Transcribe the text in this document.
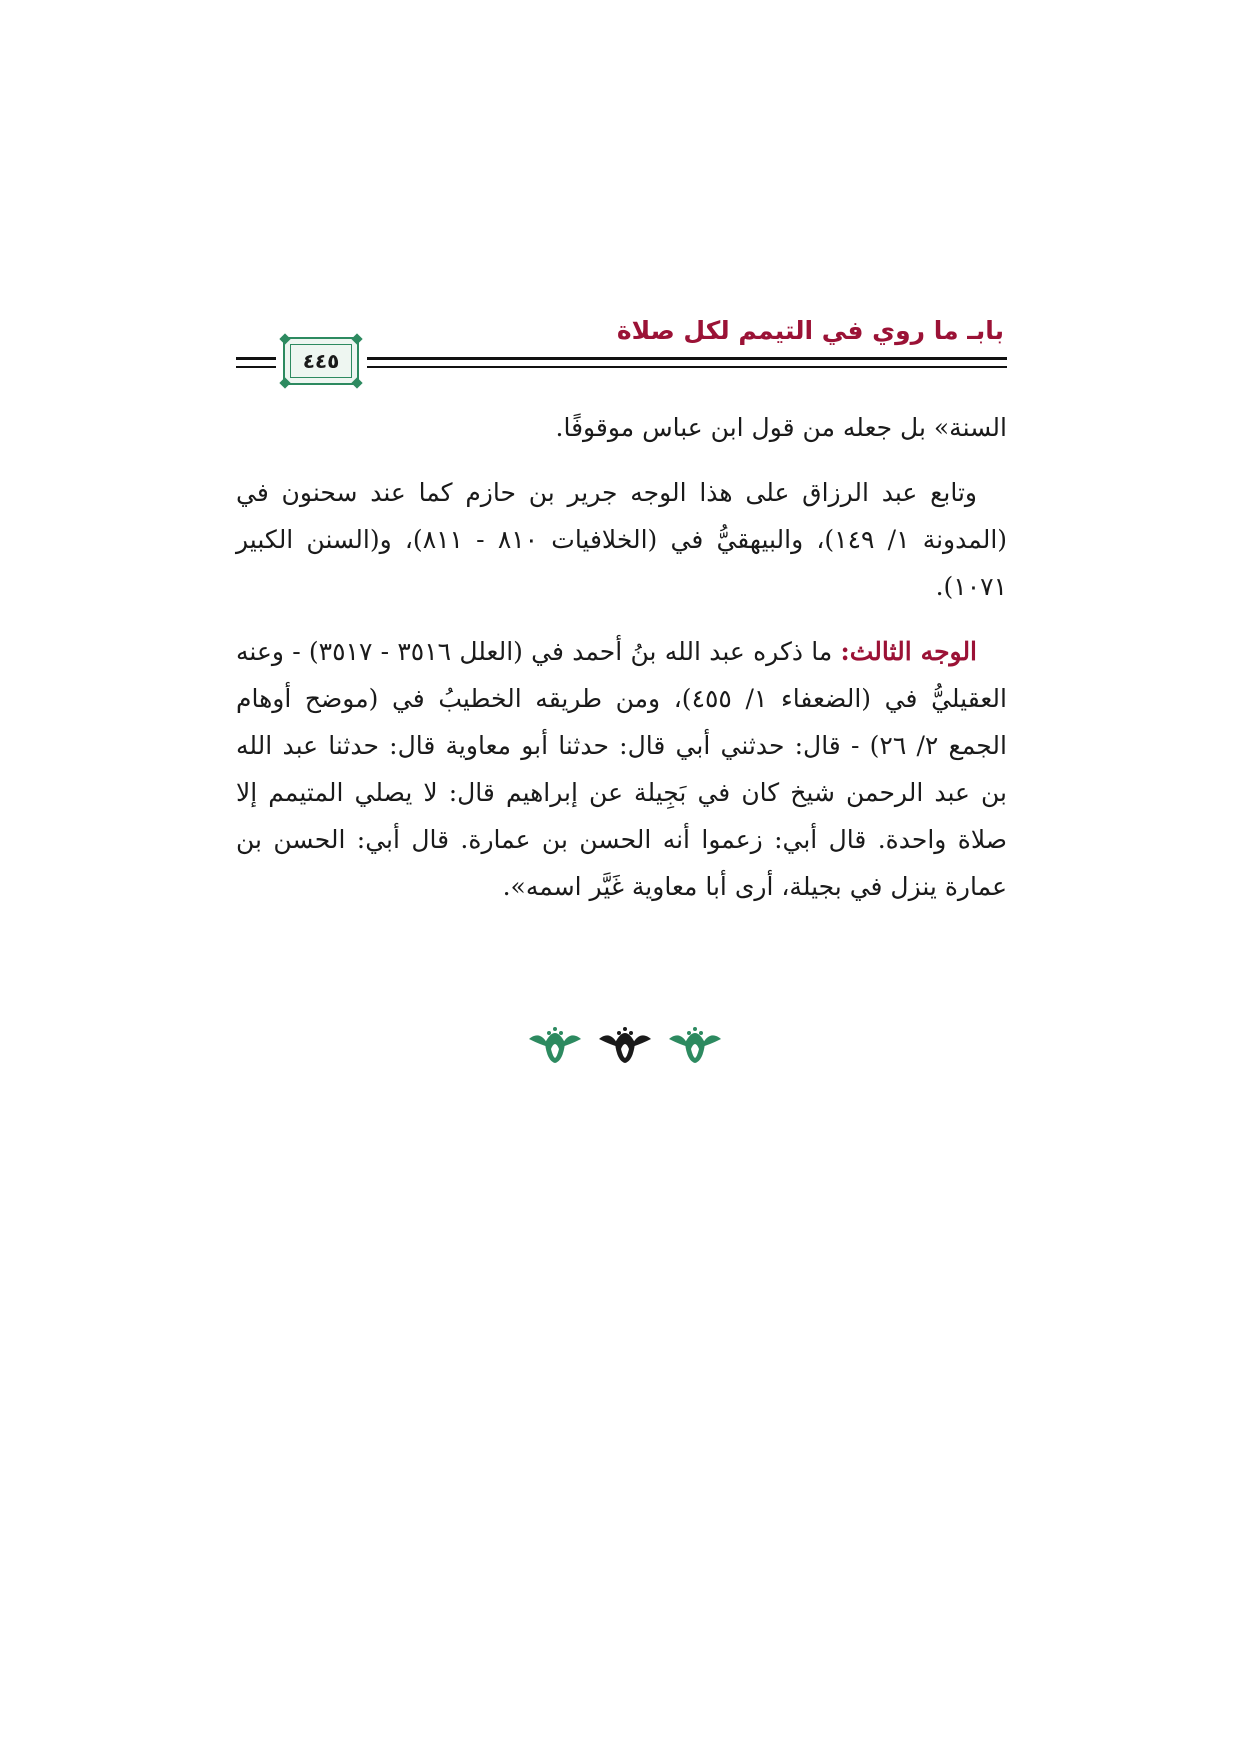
بابـ ما روي في التيمم لكل صلاة
٤٤٥

السنة» بل جعله من قول ابن عباس موقوفًا.

وتابع عبد الرزاق على هذا الوجه جرير بن حازم كما عند سحنون في (المدونة ١/ ١٤٩)، والبيهقيُّ في (الخلافيات ٨١٠ - ٨١١)، و(السنن الكبير ١٠٧١).

الوجه الثالث: ما ذكره عبد الله بنُ أحمد في (العلل ٣٥١٦ - ٣٥١٧) - وعنه العقيليُّ في (الضعفاء ١/ ٤٥٥)، ومن طريقه الخطيبُ في (موضح أوهام الجمع ٢/ ٢٦) - قال: حدثني أبي قال: حدثنا أبو معاوية قال: حدثنا عبد الله بن عبد الرحمن شيخ كان في بَجِيلة عن إبراهيم قال: لا يصلي المتيمم إلا صلاة واحدة. قال أبي: زعموا أنه الحسن بن عمارة. قال أبي: الحسن بن عمارة ينزل في بجيلة، أرى أبا معاوية غَيَّر اسمه».
